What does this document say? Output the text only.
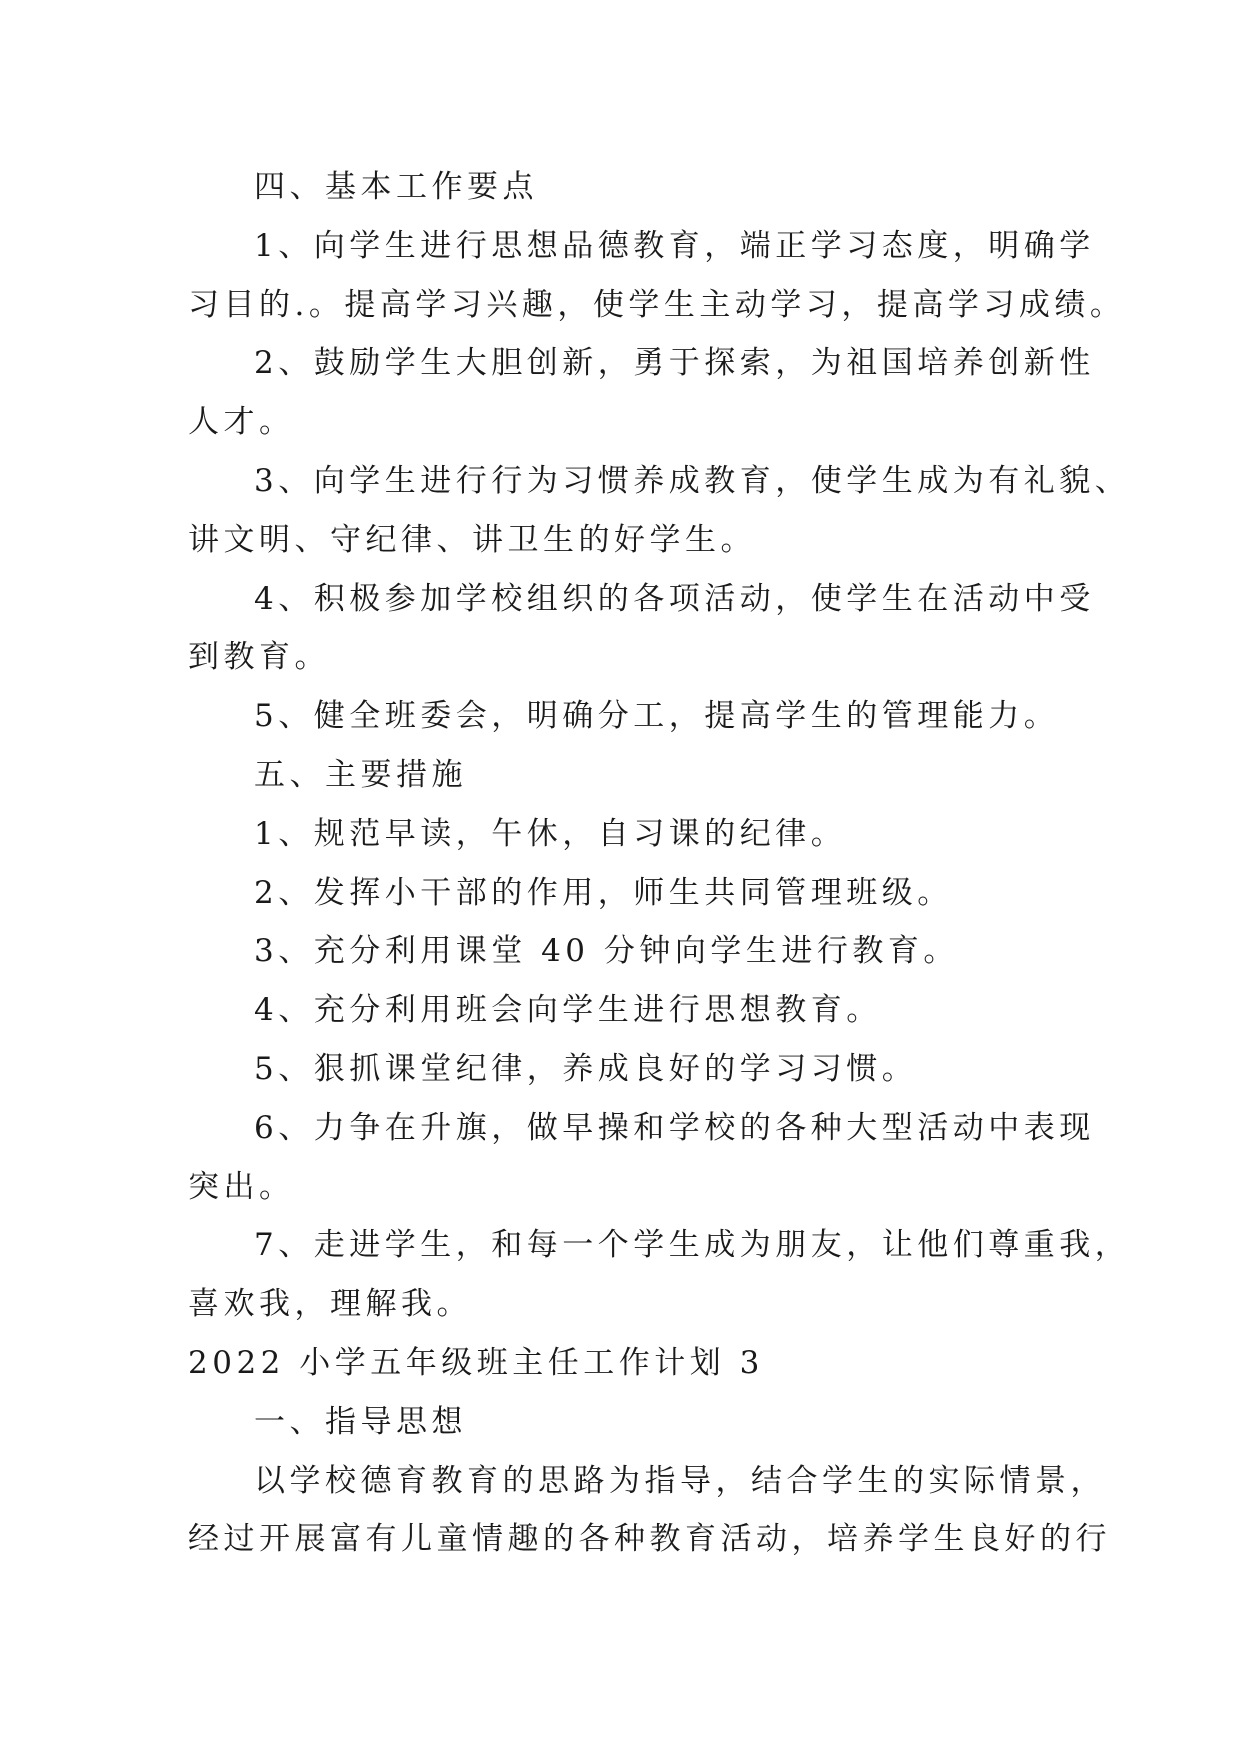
四、基本工作要点
1、向学生进行思想品德教育，端正学习态度，明确学
习目的.。提高学习兴趣，使学生主动学习，提高学习成绩。
2、鼓励学生大胆创新，勇于探索，为祖国培养创新性
人才。
3、向学生进行行为习惯养成教育，使学生成为有礼貌、
讲文明、守纪律、讲卫生的好学生。
4、积极参加学校组织的各项活动，使学生在活动中受
到教育。
5、健全班委会，明确分工，提高学生的管理能力。
五、主要措施
1、规范早读，午休，自习课的纪律。
2、发挥小干部的作用，师生共同管理班级。
3、充分利用课堂 40 分钟向学生进行教育。
4、充分利用班会向学生进行思想教育。
5、狠抓课堂纪律，养成良好的学习习惯。
6、力争在升旗，做早操和学校的各种大型活动中表现
突出。
7、走进学生，和每一个学生成为朋友，让他们尊重我，
喜欢我，理解我。
2022 小学五年级班主任工作计划 3
一、指导思想
以学校德育教育的思路为指导，结合学生的实际情景，
经过开展富有儿童情趣的各种教育活动，培养学生良好的行
